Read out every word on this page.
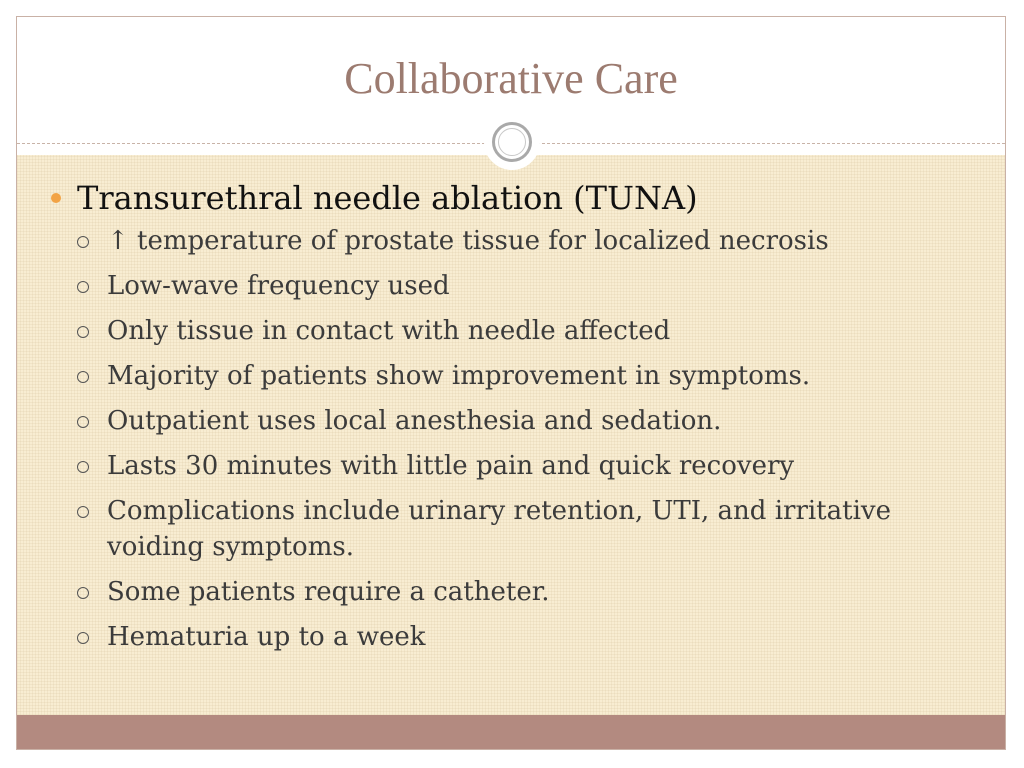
Collaborative Care
Transurethral needle ablation (TUNA)
↑ temperature of prostate tissue for localized necrosis
Low-wave frequency used
Only tissue in contact with needle affected
Majority of patients show improvement in symptoms.
Outpatient uses local anesthesia and sedation.
Lasts 30 minutes with little pain and quick recovery
Complications include urinary retention, UTI, and irritative voiding symptoms.
Some patients require a catheter.
Hematuria up to a week
